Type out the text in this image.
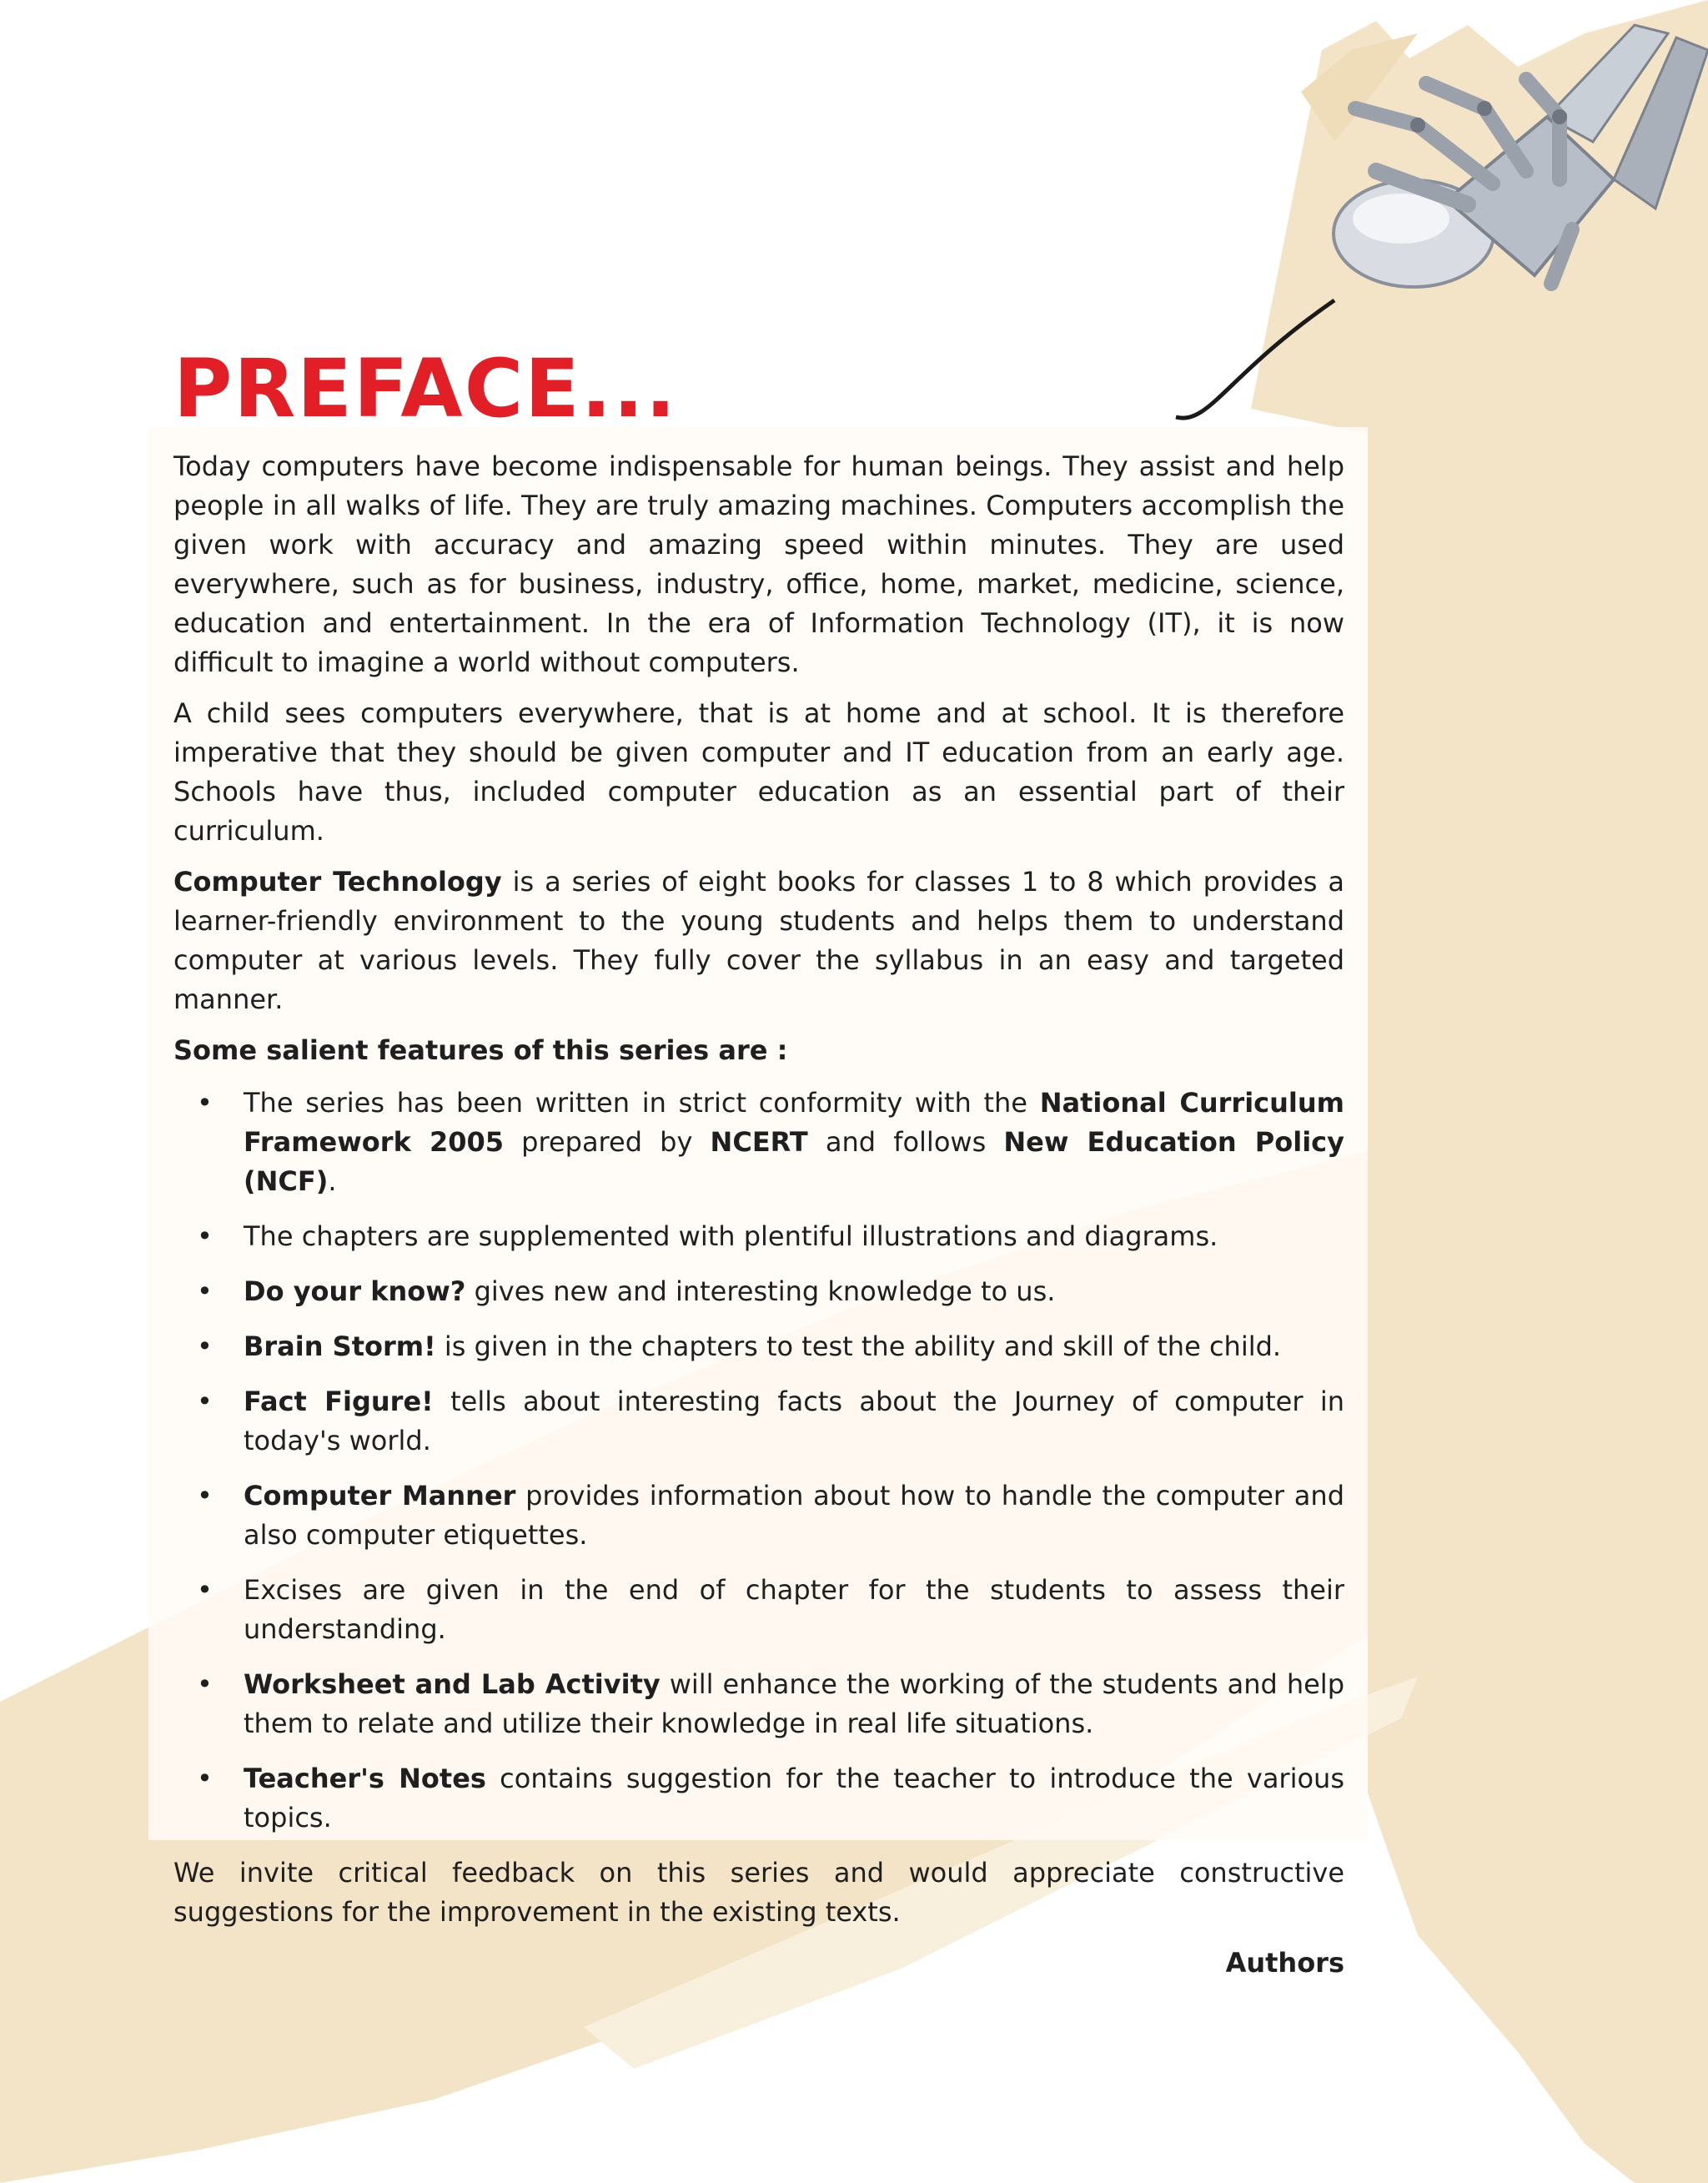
PREFACE...

Today computers have become indispensable for human beings. They assist and help people in all walks of life. They are truly amazing machines. Computers accomplish the given work with accuracy and amazing speed within minutes. They are used everywhere, such as for business, industry, office, home, market, medicine, science, education and entertainment. In the era of Information Technology (IT), it is now difficult to imagine a world without computers.

A child sees computers everywhere, that is at home and at school. It is therefore imperative that they should be given computer and IT education from an early age. Schools have thus, included computer education as an essential part of their curriculum.

Computer Technology is a series of eight books for classes 1 to 8 which provides a learner-friendly environment to the young students and helps them to understand computer at various levels. They fully cover the syllabus in an easy and targeted manner.

Some salient features of this series are :

• The series has been written in strict conformity with the National Curriculum Framework 2005 prepared by NCERT and follows New Education Policy (NCF).
• The chapters are supplemented with plentiful illustrations and diagrams.
• Do your know? gives new and interesting knowledge to us.
• Brain Storm! is given in the chapters to test the ability and skill of the child.
• Fact Figure! tells about interesting facts about the Journey of computer in today's world.
• Computer Manner provides information about how to handle the computer and also computer etiquettes.
• Excises are given in the end of chapter for the students to assess their understanding.
• Worksheet and Lab Activity will enhance the working of the students and help them to relate and utilize their knowledge in real life situations.
• Teacher's Notes contains suggestion for the teacher to introduce the various topics.

We invite critical feedback on this series and would appreciate constructive suggestions for the improvement in the existing texts.

Authors
